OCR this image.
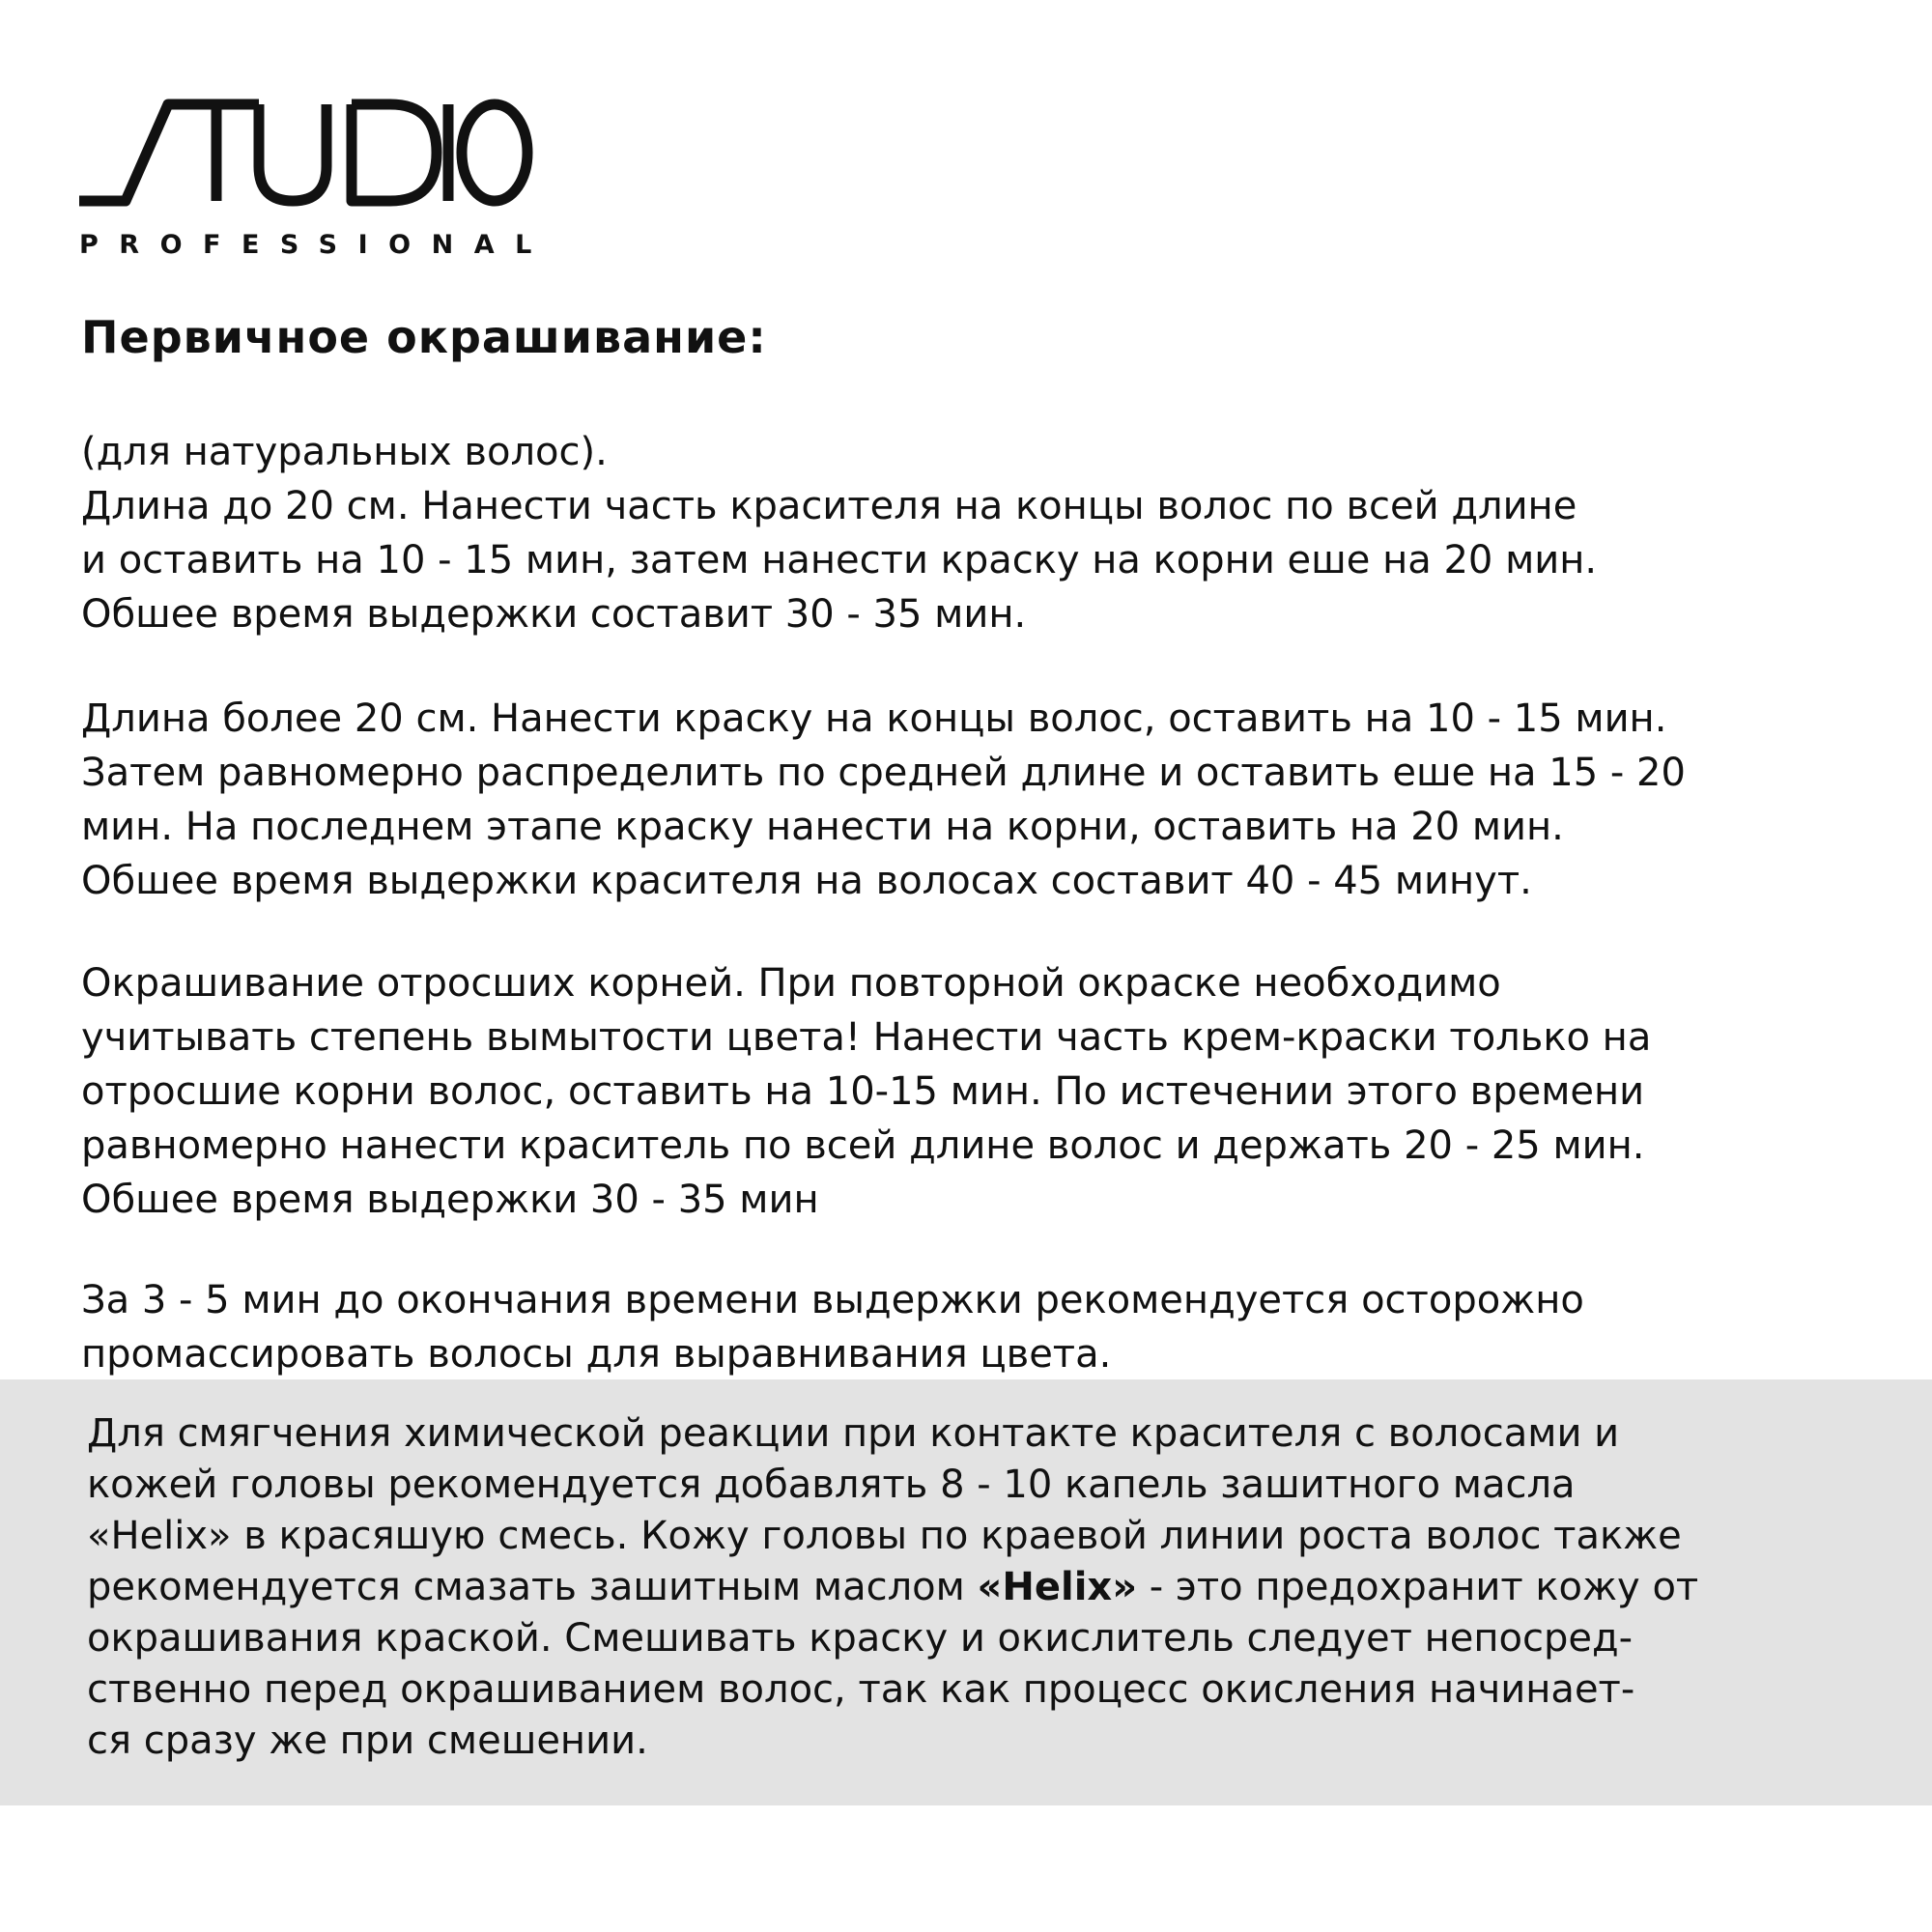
PROFESSIONAL
Первичное окрашивание:
(для натуральных волос).
Длина до 20 см. Нанести часть красителя на концы волос по всей длине
и оставить на 10 - 15 мин, затем нанести краску на корни еше на 20 мин.
Обшее время выдержки составит 30 - 35 мин.
Длина более 20 см. Нанести краску на концы волос, оставить на 10 - 15 мин.
Затем равномерно распределить по средней длине и оставить еше на 15 - 20
мин. На последнем этапе краску нанести на корни, оставить на 20 мин.
Обшее время выдержки красителя на волосах составит 40 - 45 минут.
Окрашивание отросших корней. При повторной окраске необходимо
учитывать степень вымытости цвета! Нанести часть крем-краски только на
отросшие корни волос, оставить на 10-15 мин. По истечении этого времени
равномерно нанести краситель по всей длине волос и держать 20 - 25 мин.
Обшее время выдержки 30 - 35 мин
За 3 - 5 мин до окончания времени выдержки рекомендуется осторожно
промассировать волосы для выравнивания цвета.
Для смягчения химической реакции при контакте красителя с волосами и
кожей головы рекомендуется добавлять 8 - 10 капель зашитного масла
«Helix» в красяшую смесь. Кожу головы по краевой линии роста волос также
рекомендуется смазать зашитным маслом «Helix» - это предохранит кожу от
окрашивания краской. Смешивать краску и окислитель следует непосред-
ственно перед окрашиванием волос, так как процесс окисления начинает-
ся сразу же при смешении.
